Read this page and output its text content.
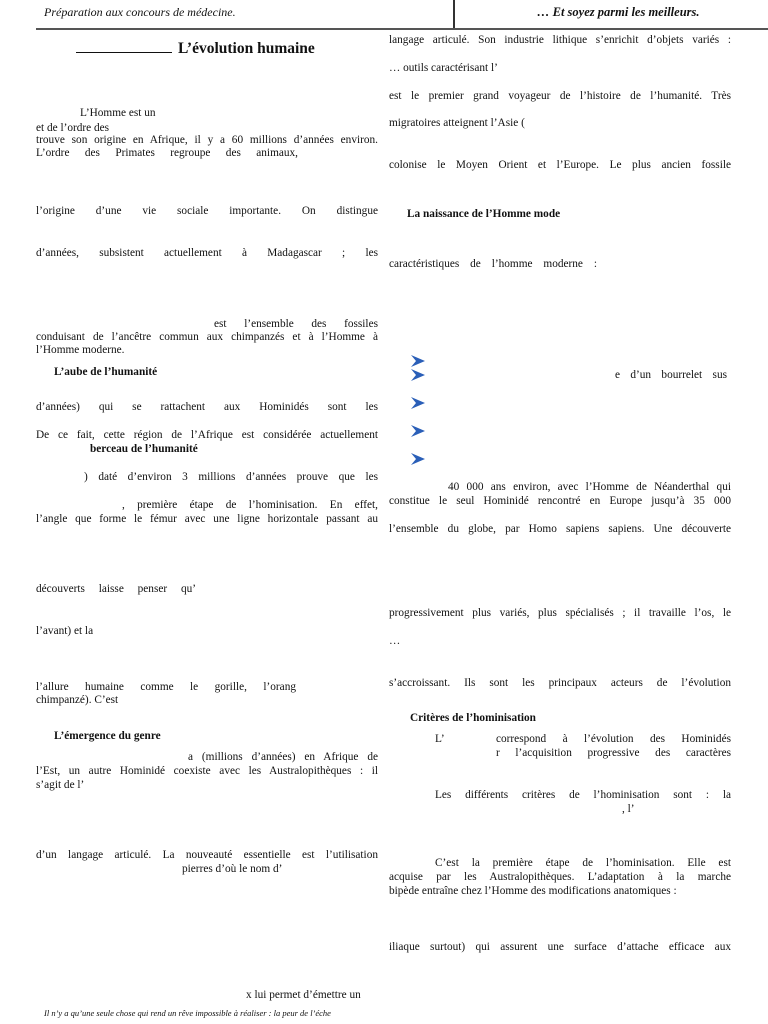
Préparation aux concours de médecine.	… Et soyez parmi les meilleurs.
L’évolution humaine
L’Homme est un
et de l’ordre des
trouve son origine en Afrique, il y a 60 millions d’années environ.
L’ordre des Primates regroupe des animaux,
l’origine d’une vie sociale importante. On distingue
d’années, subsistent actuellement à Madagascar ; les
est l’ensemble des fossiles
conduisant de l’ancêtre commun aux chimpanzés et à l’Homme à
l’Homme moderne.
L’aube de l’humanité
d’années) qui se rattachent aux Hominidés sont les
De ce fait, cette région de l’Afrique est considérée actuellement
berceau de l’humanité
) daté d’environ 3 millions d’années prouve que les
, première étape de l’hominisation. En effet,
l’angle que forme le fémur avec une ligne horizontale passant au
découverts laisse penser qu’
l’avant) et la
l’allure humaine comme le gorille, l’orang
chimpanzé). C’est
L’émergence du genre
a (millions d’années) en Afrique de
l’Est, un autre Hominidé coexiste avec les Australopithèques : il
s’agit de l’
d’un langage articulé. La nouveauté essentielle est l’utilisation
pierres d’où le nom d’
x lui permet d’émettre un
langage articulé. Son industrie lithique s’enrichit d’objets variés :
… outils caractérisant l’
est le premier grand voyageur de l’histoire de l’humanité. Très
migratoires atteignent l’Asie (
colonise le Moyen Orient et l’Europe. Le plus ancien fossile
La naissance de l’Homme mode
caractéristiques de l’homme moderne :
e d’un bourrelet sus
40 000 ans environ, avec l’Homme de Néanderthal qui
constitue le seul Hominidé rencontré en Europe jusqu’à 35 000
l’ensemble du globe, par Homo sapiens sapiens. Une découverte
progressivement plus variés, plus spécialisés ; il travaille l’os, le
…
s’accroissant. Ils sont les principaux acteurs de l’évolution
Critères de l’hominisation
L’	correspond à l’évolution des Hominidés
r l’acquisition progressive des caractères
Les différents critères de l’hominisation sont : la
, l’
C’est la première étape de l’hominisation. Elle est
acquise par les Australopithèques. L’adaptation à la marche
bipède entraîne chez l’Homme des modifications anatomiques :
iliaque surtout) qui assurent une surface d’attache efficace aux
Il n’y a qu’une seule chose qui rend un rêve impossible à réaliser : la peur de l’éche
